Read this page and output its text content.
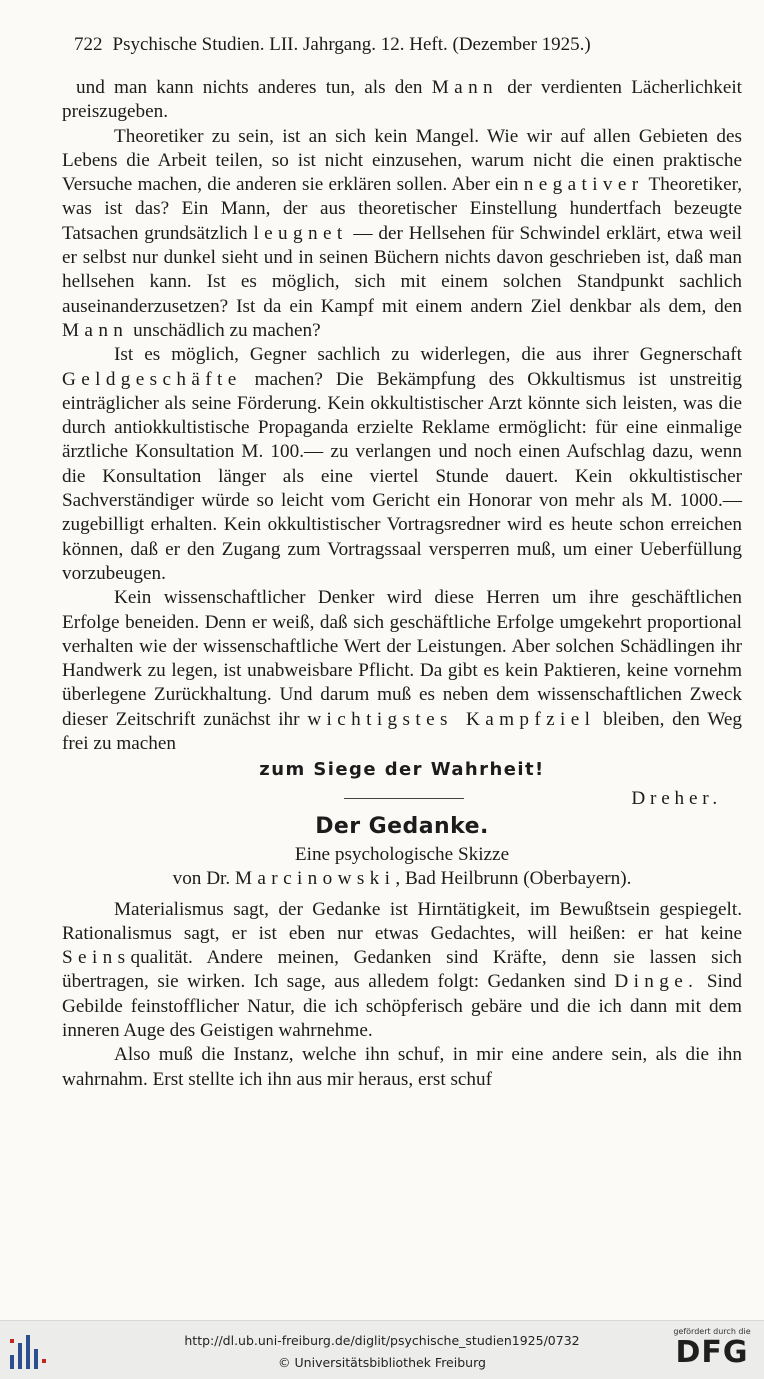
722 Psychische Studien. LII. Jahrgang. 12. Heft. (Dezember 1925.)

und man kann nichts anderes tun, als den Mann der verdienten Lächerlichkeit preiszugeben.

Theoretiker zu sein, ist an sich kein Mangel. Wie wir auf allen Gebieten des Lebens die Arbeit teilen, so ist nicht einzusehen, warum nicht die einen praktische Versuche machen, die anderen sie erklären sollen. Aber ein negativer Theoretiker, was ist das? Ein Mann, der aus theoretischer Einstellung hundertfach bezeugte Tatsachen grundsätzlich leugnet — der Hellsehen für Schwindel erklärt, etwa weil er selbst nur dunkel sieht und in seinen Büchern nichts davon geschrieben ist, daß man hellsehen kann. Ist es möglich, sich mit einem solchen Standpunkt sachlich auseinanderzusetzen? Ist da ein Kampf mit einem andern Ziel denkbar als dem, den Mann unschädlich zu machen?

Ist es möglich, Gegner sachlich zu widerlegen, die aus ihrer Gegnerschaft Geldgeschäfte machen? Die Bekämpfung des Okkultismus ist unstreitig einträglicher als seine Förderung. Kein okkultistischer Arzt könnte sich leisten, was die durch antiokkultistische Propaganda erzielte Reklame ermöglicht: für eine einmalige ärztliche Konsultation M. 100.— zu verlangen und noch einen Aufschlag dazu, wenn die Konsultation länger als eine viertel Stunde dauert. Kein okkultistischer Sachverständiger würde so leicht vom Gericht ein Honorar von mehr als M. 1000.— zugebilligt erhalten. Kein okkultistischer Vortragsredner wird es heute schon erreichen können, daß er den Zugang zum Vortragssaal versperren muß, um einer Ueberfüllung vorzubeugen.

Kein wissenschaftlicher Denker wird diese Herren um ihre geschäftlichen Erfolge beneiden. Denn er weiß, daß sich geschäftliche Erfolge umgekehrt proportional verhalten wie der wissenschaftliche Wert der Leistungen. Aber solchen Schädlingen ihr Handwerk zu legen, ist unabweisbare Pflicht. Da gibt es kein Paktieren, keine vornehm überlegene Zurückhaltung. Und darum muß es neben dem wissenschaftlichen Zweck dieser Zeitschrift zunächst ihr wichtigstes Kampfziel bleiben, den Weg frei zu machen

zum Siege der Wahrheit!

Dreher.

Der Gedanke.

Eine psychologische Skizze

von Dr. Marcinowski, Bad Heilbrunn (Oberbayern).

Materialismus sagt, der Gedanke ist Hirntätigkeit, im Bewußtsein gespiegelt. Rationalismus sagt, er ist eben nur etwas Gedachtes, will heißen: er hat keine Seinsqualität. Andere meinen, Gedanken sind Kräfte, denn sie lassen sich übertragen, sie wirken. Ich sage, aus alledem folgt: Gedanken sind Dinge. Sind Gebilde feinstofflicher Natur, die ich schöpferisch gebäre und die ich dann mit dem inneren Auge des Geistigen wahrnehme.

Also muß die Instanz, welche ihn schuf, in mir eine andere sein, als die ihn wahrnahm. Erst stellte ich ihn aus mir heraus, erst schuf

http://dl.ub.uni-freiburg.de/diglit/psychische_studien1925/0732
© Universitätsbibliothek Freiburg
gefördert durch die
DFG
